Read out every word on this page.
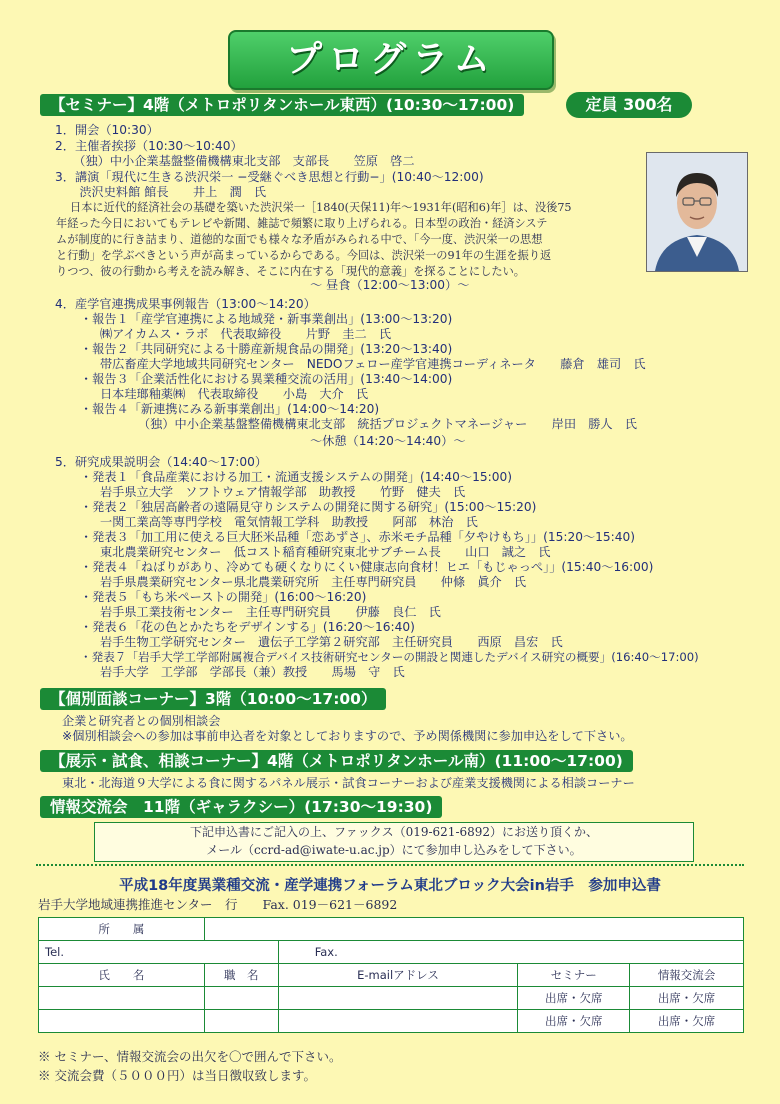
プログラム
【セミナー】4階（メトロポリタンホール東西）(10:30〜17:00)	定員 300名
1．開会（10:30）
2．主催者挨拶（10:30〜10:40）
　　（独）中小企業基盤整備機構東北支部　支部長　　笠原　啓二
3．講演「現代に生きる渋沢栄一 −受継ぐべき思想と行動−」(10:40〜12:00)
　　渋沢史料館 館長　　井上　潤　氏
日本に近代的経済社会の基礎を築いた渋沢栄一［1840(天保11)年〜1931年(昭和6)年］は、没後75
年経った今日においてもテレビや新聞、雑誌で頻繁に取り上げられる。日本型の政治・経済システ
ムが制度的に行き詰まり、道徳的な面でも様々な矛盾がみられる中で、「今一度、渋沢栄一の思想
と行動」を学ぶべきという声が高まっているからである。今回は、渋沢栄一の91年の生涯を振り返
りつつ、彼の行動から考えを読み解き、そこに内在する「現代的意義」を探ることにしたい。
〜 昼食（12:00〜13:00）〜
4．産学官連携成果事例報告（13:00〜14:20）
・報告１「産学官連携による地域発・新事業創出」(13:00〜13:20)
㈱アイカムス・ラボ　代表取締役　　片野　圭二　氏
・報告２「共同研究による十勝産新規食品の開発」(13:20〜13:40)
帯広畜産大学地域共同研究センター　NEDOフェロー産学官連携コーディネータ　　藤倉　雄司　氏
・報告３「企業活性化における異業種交流の活用」(13:40〜14:00)
日本珪瑯釉薬㈱　代表取締役　　小島　大介　氏
・報告４「新連携にみる新事業創出」(14:00〜14:20)
（独）中小企業基盤整備機構東北支部　統括プロジェクトマネージャー　　岸田　勝人　氏
〜休憩（14:20〜14:40）〜
5．研究成果説明会（14:40〜17:00）
・発表１「食品産業における加工・流通支援システムの開発」(14:40〜15:00)
岩手県立大学　ソフトウェア情報学部　助教授　　竹野　健夫　氏
・発表２「独居高齢者の遠隔見守りシステムの開発に関する研究」(15:00〜15:20)
一関工業高等専門学校　電気情報工学科　助教授　　阿部　林治　氏
・発表３「加工用に使える巨大胚米品種「恋あずさ」、赤米モチ品種「夕やけもち」」(15:20〜15:40)
東北農業研究センター　低コスト稲育種研究東北サブチーム長　　山口　誠之　氏
・発表４「ねばりがあり、冷めても硬くなりにくい健康志向食材！ヒエ「もじゃっぺ」」(15:40〜16:00)
岩手県農業研究センター県北農業研究所　主任専門研究員　　仲條　眞介　氏
・発表５「もち米ペーストの開発」(16:00〜16:20)
岩手県工業技術センター　主任専門研究員　　伊藤　良仁　氏
・発表６「花の色とかたちをデザインする」(16:20〜16:40)
岩手生物工学研究センター　遺伝子工学第２研究部　主任研究員　　西原　昌宏　氏
・発表７「岩手大学工学部附属複合デバイス技術研究センターの開設と関連したデバイス研究の概要」(16:40〜17:00)
岩手大学　工学部　学部長（兼）教授　　馬場　守　氏
【個別面談コーナー】3階（10:00〜17:00）
企業と研究者との個別相談会
※個別相談会への参加は事前申込者を対象としておりますので、予め関係機関に参加申込をして下さい。
【展示・試食、相談コーナー】4階（メトロポリタンホール南）(11:00〜17:00)
東北・北海道９大学による食に関するパネル展示・試食コーナーおよび産業支援機関による相談コーナー
情報交流会　11階（ギャラクシー）(17:30〜19:30)
下記申込書にご記入の上、ファックス（019-621-6892）にお送り頂くか、
メール（ccrd-ad@iwate-u.ac.jp）にて参加申し込みをして下さい。
平成18年度異業種交流・産学連携フォーラム東北ブロック大会in岩手　参加申込書
岩手大学地域連携推進センター　行　　Fax. 019－621－6892
所　　属				
Tel.		Fax.		
氏　　名	職　名	E-mailアドレス	セミナー	情報交流会
			出席・欠席	出席・欠席
			出席・欠席	出席・欠席
※ セミナー、情報交流会の出欠を〇で囲んで下さい。
※ 交流会費（５０００円）は当日徴収致します。
